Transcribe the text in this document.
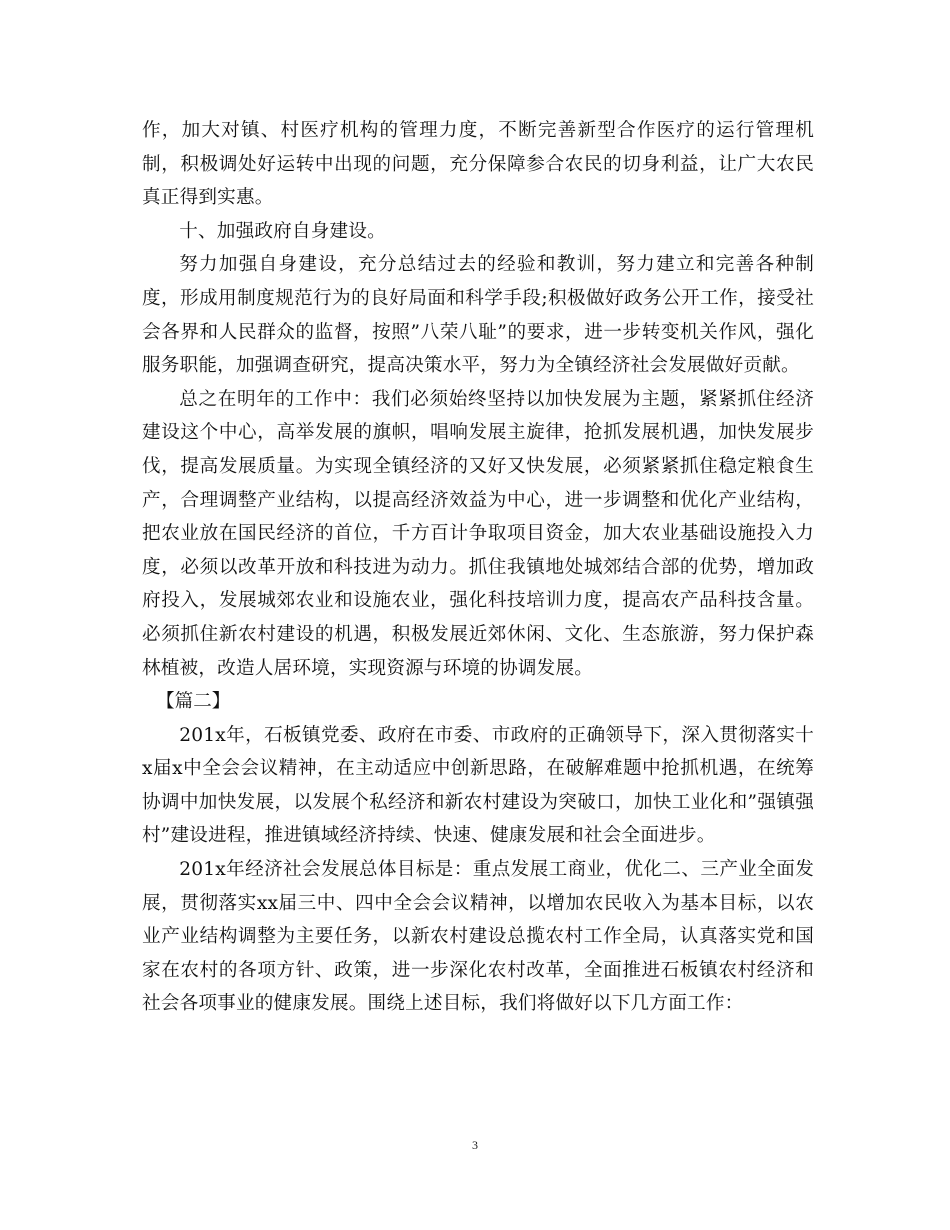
作，加大对镇、村医疗机构的管理力度，不断完善新型合作医疗的运行管理机制，积极调处好运转中出现的问题，充分保障参合农民的切身利益，让广大农民真正得到实惠。

十、加强政府自身建设。

努力加强自身建设，充分总结过去的经验和教训，努力建立和完善各种制度，形成用制度规范行为的良好局面和科学手段;积极做好政务公开工作，接受社会各界和人民群众的监督，按照”八荣八耻”的要求，进一步转变机关作风，强化服务职能，加强调查研究，提高决策水平，努力为全镇经济社会发展做好贡献。

总之在明年的工作中：我们必须始终坚持以加快发展为主题，紧紧抓住经济建设这个中心，高举发展的旗帜，唱响发展主旋律，抢抓发展机遇，加快发展步伐，提高发展质量。为实现全镇经济的又好又快发展，必须紧紧抓住稳定粮食生产，合理调整产业结构，以提高经济效益为中心，进一步调整和优化产业结构，把农业放在国民经济的首位，千方百计争取项目资金，加大农业基础设施投入力度，必须以改革开放和科技进为动力。抓住我镇地处城郊结合部的优势，增加政府投入，发展城郊农业和设施农业，强化科技培训力度，提高农产品科技含量。必须抓住新农村建设的机遇，积极发展近郊休闲、文化、生态旅游，努力保护森林植被，改造人居环境，实现资源与环境的协调发展。

【篇二】

201x年，石板镇党委、政府在市委、市政府的正确领导下，深入贯彻落实十x届x中全会会议精神，在主动适应中创新思路，在破解难题中抢抓机遇，在统筹协调中加快发展，以发展个私经济和新农村建设为突破口，加快工业化和”强镇强村”建设进程，推进镇域经济持续、快速、健康发展和社会全面进步。

201x年经济社会发展总体目标是：重点发展工商业，优化二、三产业全面发展，贯彻落实xx届三中、四中全会会议精神，以增加农民收入为基本目标，以农业产业结构调整为主要任务，以新农村建设总揽农村工作全局，认真落实党和国家在农村的各项方针、政策，进一步深化农村改革，全面推进石板镇农村经济和社会各项事业的健康发展。围绕上述目标，我们将做好以下几方面工作：

3
